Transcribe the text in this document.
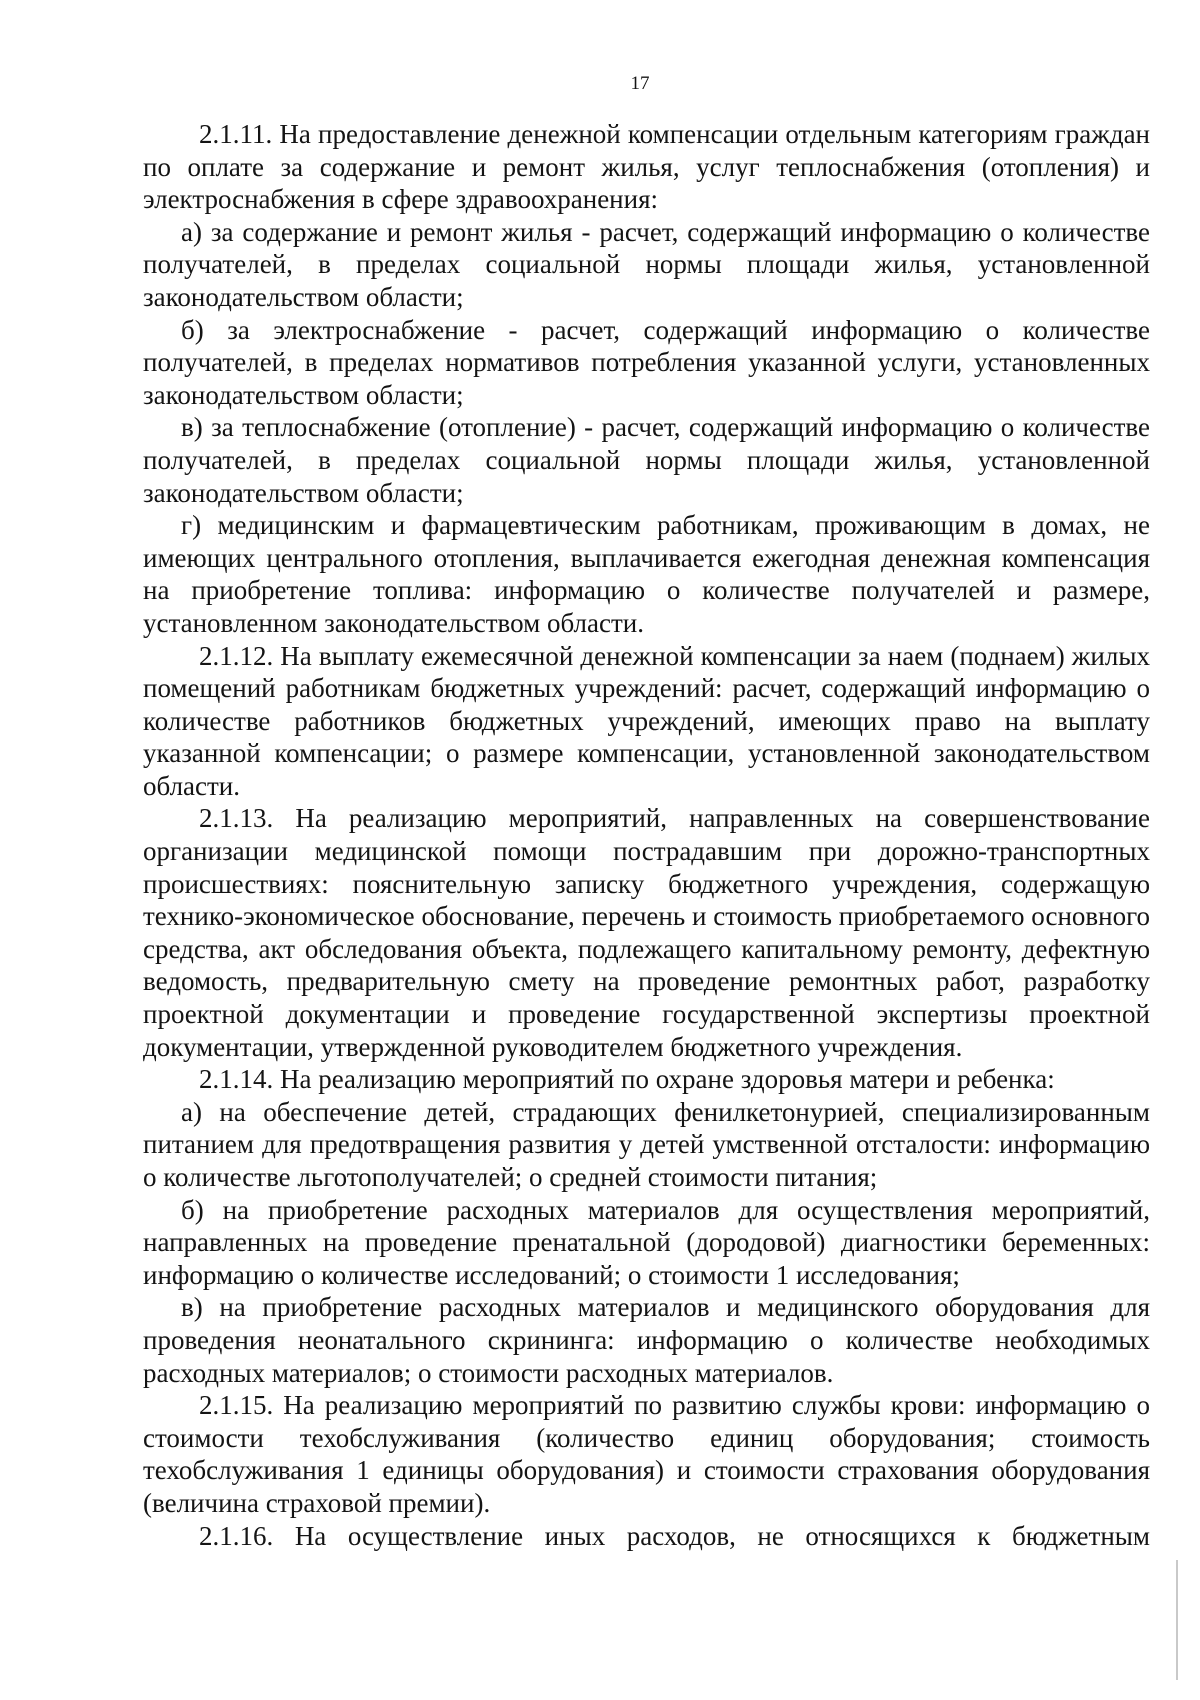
17

2.1.11. На предоставление денежной компенсации отдельным категориям граждан по оплате за содержание и ремонт жилья, услуг теплоснабжения (отопления) и электроснабжения в сфере здравоохранения:

а) за содержание и ремонт жилья - расчет, содержащий информацию о количестве получателей, в пределах социальной нормы площади жилья, установленной законодательством области;

б) за электроснабжение - расчет, содержащий информацию о количестве получателей, в пределах нормативов потребления указанной услуги, установленных законодательством области;

в) за теплоснабжение (отопление) - расчет, содержащий информацию о количестве получателей, в пределах социальной нормы площади жилья, установленной законодательством области;

г) медицинским и фармацевтическим работникам, проживающим в домах, не имеющих центрального отопления, выплачивается ежегодная денежная компенсация на приобретение топлива: информацию о количестве получателей и размере, установленном законодательством области.

2.1.12. На выплату ежемесячной денежной компенсации за наем (поднаем) жилых помещений работникам бюджетных учреждений: расчет, содержащий информацию о количестве работников бюджетных учреждений, имеющих право на выплату указанной компенсации; о размере компенсации, установленной законодательством области.

2.1.13. На реализацию мероприятий, направленных на совершенствование организации медицинской помощи пострадавшим при дорожно-транспортных происшествиях: пояснительную записку бюджетного учреждения, содержащую технико-экономическое обоснование, перечень и стоимость приобретаемого основного средства, акт обследования объекта, подлежащего капитальному ремонту, дефектную ведомость, предварительную смету на проведение ремонтных работ, разработку проектной документации и проведение государственной экспертизы проектной документации, утвержденной руководителем бюджетного учреждения.

2.1.14. На реализацию мероприятий по охране здоровья матери и ребенка:

а) на обеспечение детей, страдающих фенилкетонурией, специализированным питанием для предотвращения развития у детей умственной отсталости: информацию о количестве льготополучателей; о средней стоимости питания;

б) на приобретение расходных материалов для осуществления мероприятий, направленных на проведение пренатальной (дородовой) диагностики беременных: информацию о количестве исследований; о стоимости 1 исследования;

в) на приобретение расходных материалов и медицинского оборудования для проведения неонатального скрининга: информацию о количестве необходимых расходных материалов; о стоимости расходных материалов.

2.1.15. На реализацию мероприятий по развитию службы крови: информацию о стоимости техобслуживания (количество единиц оборудования; стоимость техобслуживания 1 единицы оборудования) и стоимости страхования оборудования (величина страховой премии).

2.1.16. На осуществление иных расходов, не относящихся к бюджетным
